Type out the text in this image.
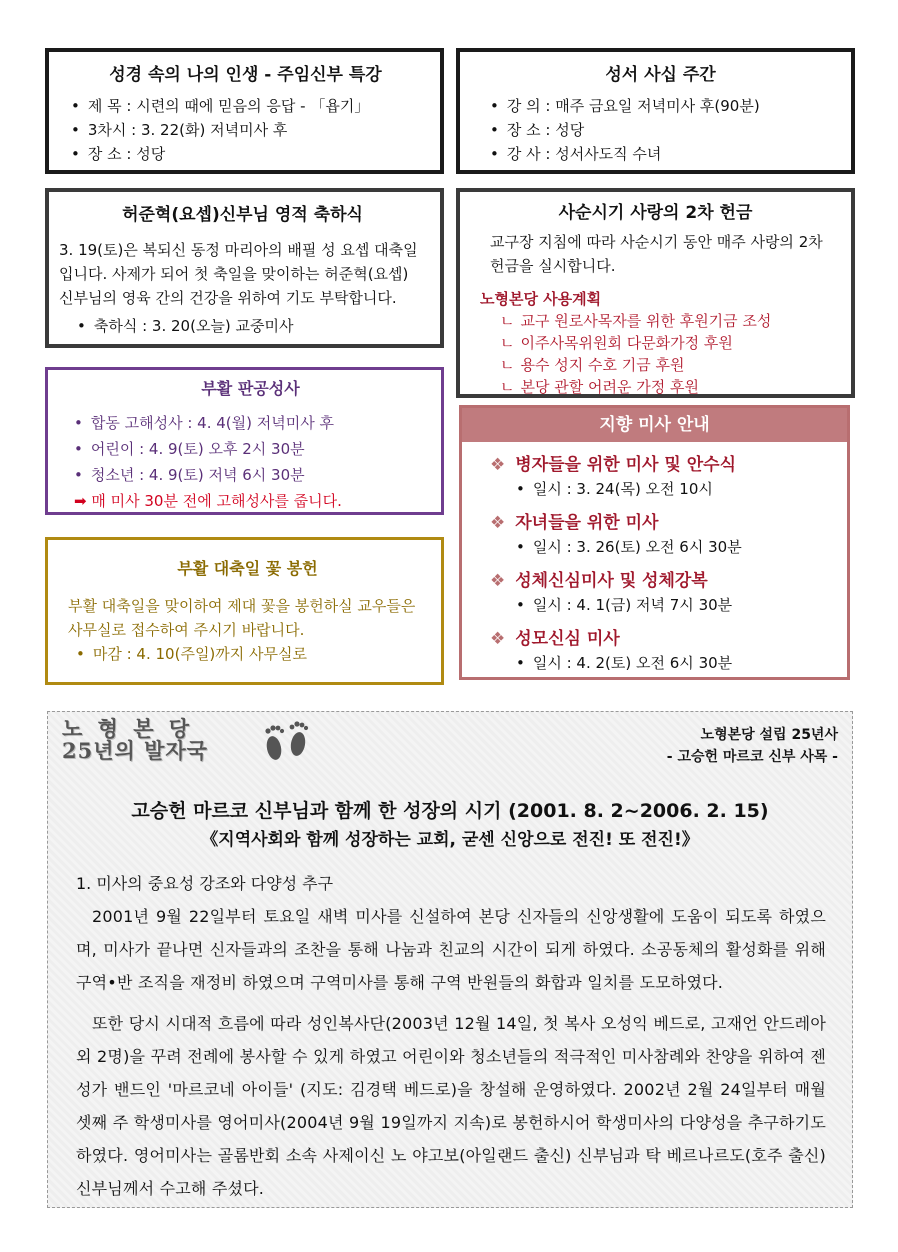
성경 속의 나의 인생 - 주임신부 특강
• 제 목 : 시련의 때에 믿음의 응답 - 「욥기」
• 3차시 : 3. 22(화) 저녁미사 후
• 장 소 : 성당
성서 사십 주간
• 강 의 : 매주 금요일 저녁미사 후(90분)
• 장 소 : 성당
• 강 사 : 성서사도직 수녀
허준혁(요셉)신부님 영적 축하식

3. 19(토)은 복되신 동정 마리아의 배필 성 요셉 대축일입니다. 사제가 되어 첫 축일을 맞이하는 허준혁(요셉) 신부님의 영육 간의 건강을 위하여 기도 부탁합니다.

• 축하식 : 3. 20(오늘) 교중미사
사순시기 사랑의 2차 헌금

교구장 지침에 따라 사순시기 동안 매주 사랑의 2차 헌금을 실시합니다.

노형본당 사용계획
ㄴ 교구 원로사목자를 위한 후원기금 조성
ㄴ 이주사목위원회 다문화가정 후원
ㄴ 용수 성지 수호 기금 후원
ㄴ 본당 관할 어려운 가정 후원
부활 판공성사
• 합동 고해성사 : 4. 4(월) 저녁미사 후
• 어린이 : 4. 9(토) 오후 2시 30분
• 청소년 : 4. 9(토) 저녁 6시 30분
➡ 매 미사 30분 전에 고해성사를 줍니다.
부활 대축일 꽃 봉헌

부활 대축일을 맞이하여 제대 꽃을 봉헌하실 교우들은 사무실로 접수하여 주시기 바랍니다.

• 마감 : 4. 10(주일)까지 사무실로
지향 미사 안내
❖ 병자들을 위한 미사 및 안수식
• 일시 : 3. 24(목) 오전 10시
❖ 자녀들을 위한 미사
• 일시 : 3. 26(토) 오전 6시 30분
❖ 성체신심미사 및 성체강복
• 일시 : 4. 1(금) 저녁 7시 30분
❖ 성모신심 미사
• 일시 : 4. 2(토) 오전 6시 30분
노 형 본 당
25년의 발자국
노형본당 설립 25년사
- 고승헌 마르코 신부 사목 -
고승헌 마르코 신부님과 함께 한 성장의 시기 (2001. 8. 2~2006. 2. 15)
《지역사회와 함께 성장하는 교회, 굳센 신앙으로 전진! 또 전진!》
1. 미사의 중요성 강조와 다양성 추구

2001년 9월 22일부터 토요일 새벽 미사를 신설하여 본당 신자들의 신앙생활에 도움이 되도록 하였으며, 미사가 끝나면 신자들과의 조찬을 통해 나눔과 친교의 시간이 되게 하였다. 소공동체의 활성화를 위해 구역•반 조직을 재정비 하였으며 구역미사를 통해 구역 반원들의 화합과 일치를 도모하였다.

또한 당시 시대적 흐름에 따라 성인복사단(2003년 12월 14일, 첫 복사 오성익 베드로, 고재언 안드레아 외 2명)을 꾸려 전례에 봉사할 수 있게 하였고 어린이와 청소년들의 적극적인 미사참례와 찬양을 위하여 젠 성가 밴드인 '마르코네 아이들' (지도: 김경택 베드로)을 창설해 운영하였다. 2002년 2월 24일부터 매월 셋째 주 학생미사를 영어미사(2004년 9월 19일까지 지속)로 봉헌하시어 학생미사의 다양성을 추구하기도 하였다. 영어미사는 골롬반회 소속 사제이신 노 야고보(아일랜드 출신) 신부님과 탁 베르나르도(호주 출신) 신부님께서 수고해 주셨다.
